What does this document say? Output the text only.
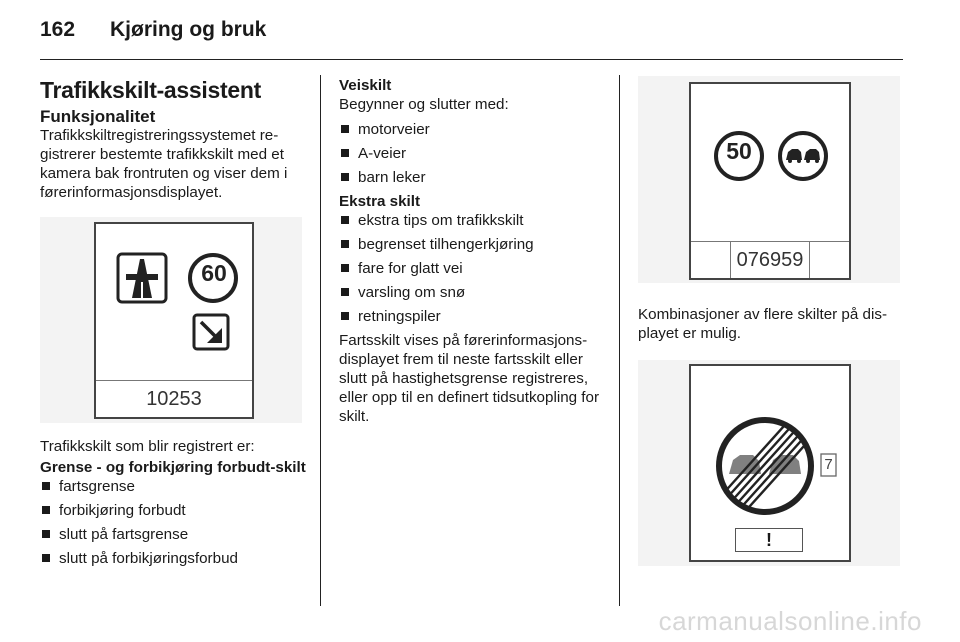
162 Kjøring og bruk
Trafikkskilt-assistent
Funksjonalitet

Trafikkskiltregistreringssystemet registrerer bestemte trafikkskilt med et kamera bak frontruten og viser dem i førerinformasjonsdisplayet.

60
10253

Trafikkskilt som blir registrert er:

Grense - og forbikjøring forbudt-skilt

fartsgrense
forbikjøring forbudt
slutt på fartsgrense
slutt på forbikjøringsforbud

Veiskilt

Begynner og slutter med:

motorveier
A-veier
barn leker

Ekstra skilt

ekstra tips om trafikkskilt
begrenset tilhengerkjøring
fare for glatt vei
varsling om snø
retningspiler

Fartsskilt vises på førerinformasjonsdisplayet frem til neste fartsskilt eller slutt på hastighetsgrense registreres, eller opp til en definert tidsutkopling for skilt.

50
076959

Kombinasjoner av flere skilter på displayet er mulig.

7
!
carmanualsonline.info
